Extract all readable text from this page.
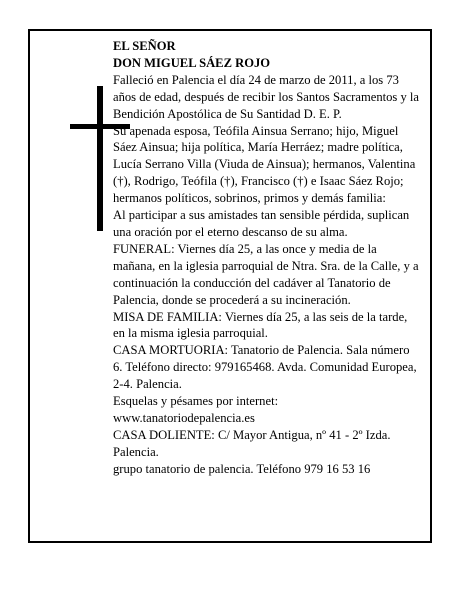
EL SEÑOR

DON MIGUEL SÁEZ ROJO

Falleció en Palencia el día 24 de marzo de 2011, a los 73 años de edad, después de recibir los Santos Sacramentos y la Bendición Apostólica de Su Santidad D. E. P.

Su apenada esposa, Teófila Ainsua Serrano; hijo, Miguel Sáez Ainsua; hija política, María Herráez; madre política, Lucía Serrano Villa (Viuda de Ainsua); hermanos, Valentina (†), Rodrigo, Teófila (†), Francisco (†) e Isaac Sáez Rojo; hermanos políticos, sobrinos, primos y demás familia:

Al participar a sus amistades tan sensible pérdida, suplican una oración por el eterno descanso de su alma.

FUNERAL: Viernes día 25, a las once y media de la mañana, en la iglesia parroquial de Ntra. Sra. de la Calle, y a continuación la conducción del cadáver al Tanatorio de Palencia, donde se procederá a su incineración.

MISA DE FAMILIA: Viernes día 25, a las seis de la tarde, en la misma iglesia parroquial.

CASA MORTUORIA: Tanatorio de Palencia. Sala número 6. Teléfono directo: 979165468. Avda. Comunidad Europea, 2-4. Palencia.

Esquelas y pésames por internet: www.tanatoriodepalencia.es

CASA DOLIENTE: C/ Mayor Antigua, nº 41 - 2º Izda. Palencia.

grupo tanatorio de palencia. Teléfono 979 16 53 16
